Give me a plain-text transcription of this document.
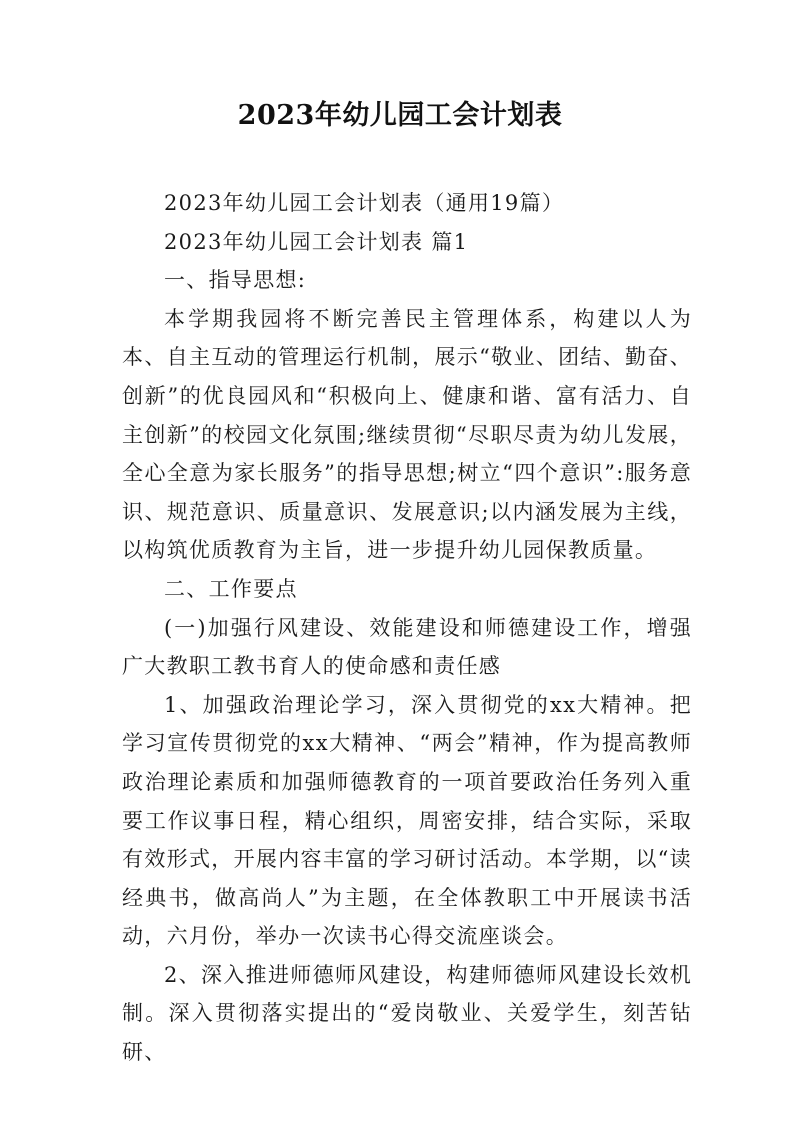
2023年幼儿园工会计划表

2023年幼儿园工会计划表（通用19篇）

2023年幼儿园工会计划表 篇1

一、指导思想:

本学期我园将不断完善民主管理体系，构建以人为本、自主互动的管理运行机制，展示“敬业、团结、勤奋、创新”的优良园风和“积极向上、健康和谐、富有活力、自主创新”的校园文化氛围;继续贯彻“尽职尽责为幼儿发展，全心全意为家长服务”的指导思想;树立“四个意识”:服务意识、规范意识、质量意识、发展意识;以内涵发展为主线，以构筑优质教育为主旨，进一步提升幼儿园保教质量。

二、工作要点

(一)加强行风建设、效能建设和师德建设工作，增强广大教职工教书育人的使命感和责任感

1、加强政治理论学习，深入贯彻党的xx大精神。把学习宣传贯彻党的xx大精神、“两会”精神，作为提高教师政治理论素质和加强师德教育的一项首要政治任务列入重要工作议事日程，精心组织，周密安排，结合实际，采取有效形式，开展内容丰富的学习研讨活动。本学期，以“读经典书，做高尚人”为主题，在全体教职工中开展读书活动，六月份，举办一次读书心得交流座谈会。

2、深入推进师德师风建设，构建师德师风建设长效机制。深入贯彻落实提出的“爱岗敬业、关爱学生，刻苦钻研、
